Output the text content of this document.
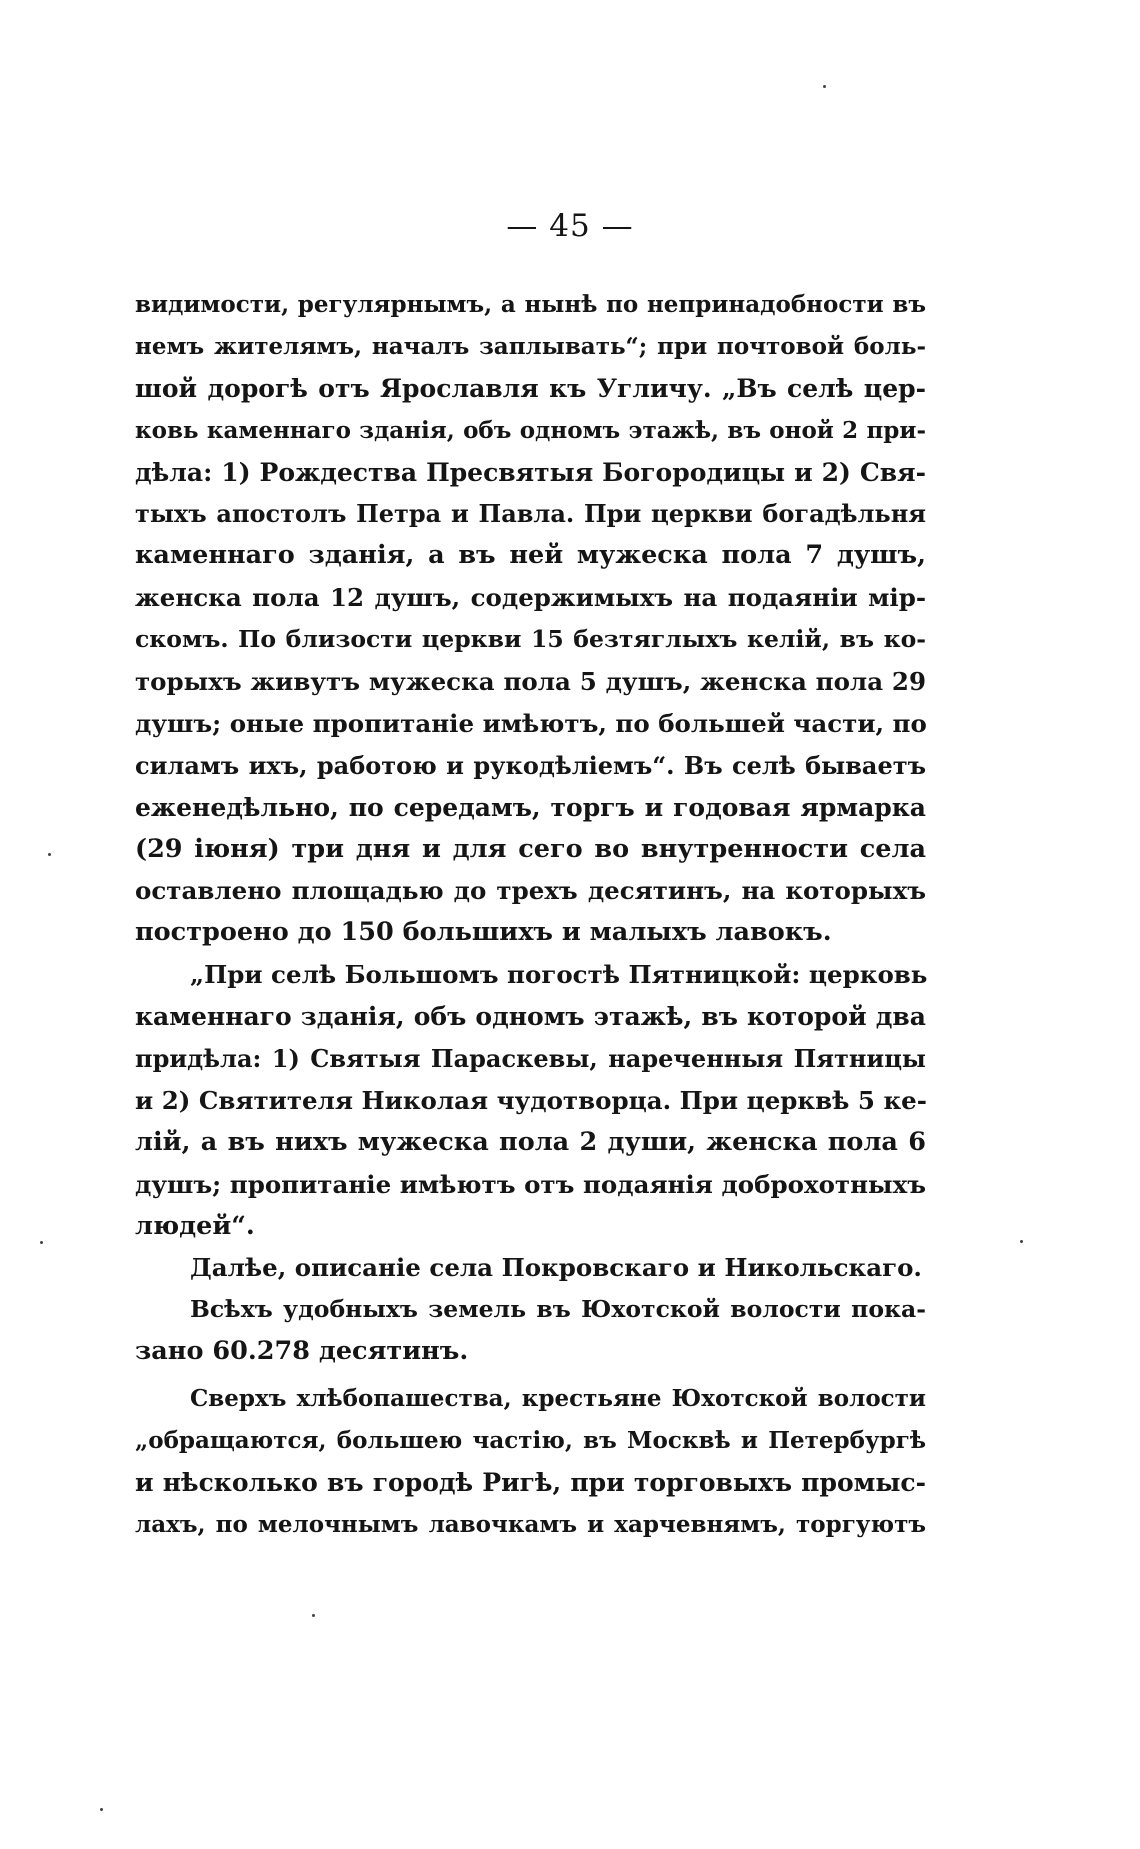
— 45 —
видимости, регулярнымъ, а нынѣ по непринадобности въ
немъ жителямъ, началъ заплывать“; при почтовой боль-
шой дорогѣ отъ Ярославля къ Угличу. „Въ селѣ цер-
ковь каменнаго зданія, объ одномъ этажѣ, въ оной 2 при-
дѣла: 1) Рождества Пресвятыя Богородицы и 2) Свя-
тыхъ апостолъ Петра и Павла. При церкви богадѣльня
каменнаго зданія, а въ ней мужеска пола 7 душъ,
женска пола 12 душъ, содержимыхъ на подаяніи мір-
скомъ. По близости церкви 15 безтяглыхъ келій, въ ко-
торыхъ живутъ мужеска пола 5 душъ, женска пола 29
душъ; оные пропитаніе имѣютъ, по большей части, по
силамъ ихъ, работою и рукодѣліемъ“. Въ селѣ бываетъ
еженедѣльно, по середамъ, торгъ и годовая ярмарка
(29 іюня) три дня и для сего во внутренности села
оставлено площадью до трехъ десятинъ, на которыхъ
построено до 150 большихъ и малыхъ лавокъ.
„При селѣ Большомъ погостѣ Пятницкой: церковь
каменнаго зданія, объ одномъ этажѣ, въ которой два
придѣла: 1) Святыя Параскевы, нареченныя Пятницы
и 2) Святителя Николая чудотворца. При церквѣ 5 ке-
лій, а въ нихъ мужеска пола 2 души, женска пола 6
душъ; пропитаніе имѣютъ отъ подаянія доброхотныхъ
людей“.
Далѣе, описаніе села Покровскаго и Никольскаго.
Всѣхъ удобныхъ земель въ Юхотской волости пока-
зано 60.278 десятинъ.
Сверхъ хлѣбопашества, крестьяне Юхотской волости
„обращаются, большею частію, въ Москвѣ и Петербургѣ
и нѣсколько въ городѣ Ригѣ, при торговыхъ промыс-
лахъ, по мелочнымъ лавочкамъ и харчевнямъ, торгуютъ
